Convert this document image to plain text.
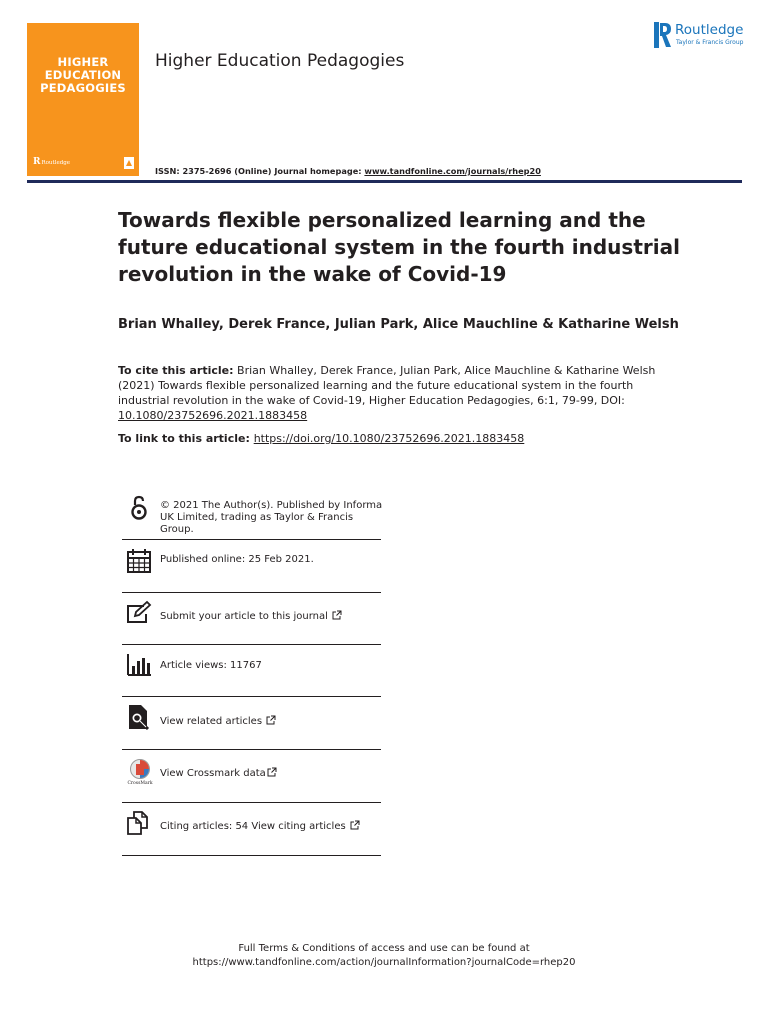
HIGHER
EDUCATION
PEDAGOGIES
RRoutledge
Higher Education Pedagogies
Routledge
Taylor & Francis Group
ISSN: 2375-2696 (Online) Journal homepage: www.tandfonline.com/journals/rhep20
Towards flexible personalized learning and the
future educational system in the fourth industrial
revolution in the wake of Covid-19
Brian Whalley, Derek France, Julian Park, Alice Mauchline & Katharine Welsh
To cite this article: Brian Whalley, Derek France, Julian Park, Alice Mauchline & Katharine Welsh
(2021) Towards flexible personalized learning and the future educational system in the fourth
industrial revolution in the wake of Covid-19, Higher Education Pedagogies, 6:1, 79-99, DOI:
10.1080/23752696.2021.1883458
To link to this article: https://doi.org/10.1080/23752696.2021.1883458
© 2021 The Author(s). Published by Informa
UK Limited, trading as Taylor & Francis
Group.
Published online: 25 Feb 2021.
Submit your article to this journal
Article views: 11767
View related articles
CrossMark
View Crossmark data
Citing articles: 54 View citing articles
Full Terms & Conditions of access and use can be found at
https://www.tandfonline.com/action/journalInformation?journalCode=rhep20
